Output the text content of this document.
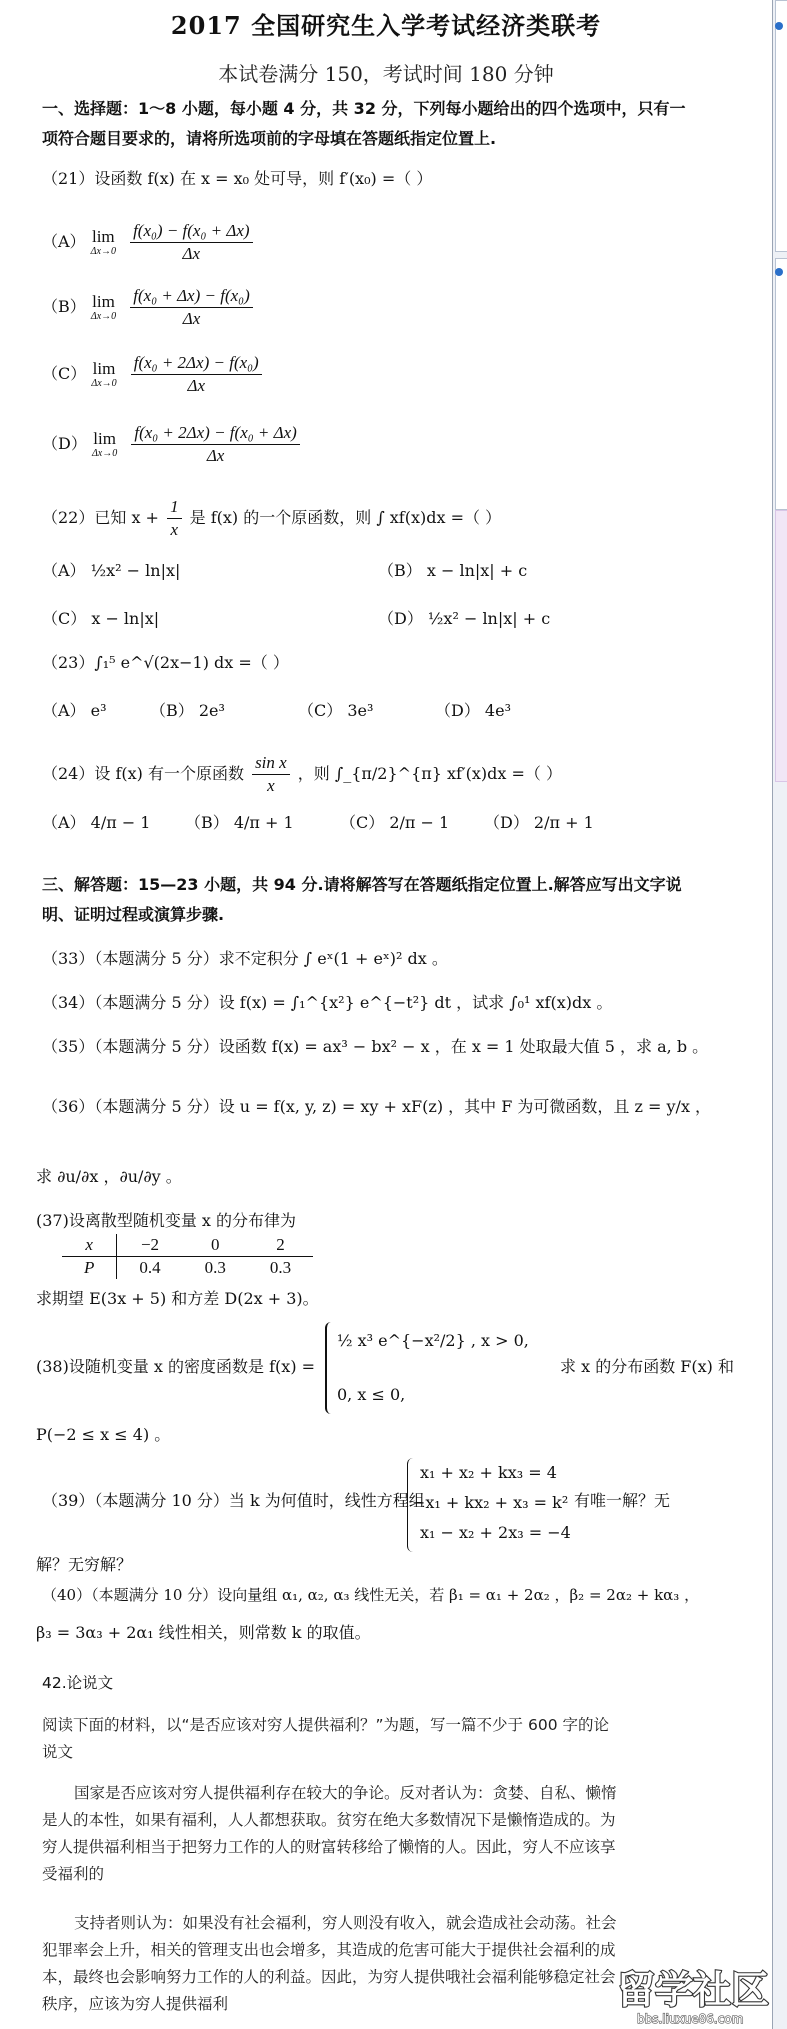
2017 全国研究生入学考试经济类联考
本试卷满分 150，考试时间 180 分钟
一、选择题：1～8 小题，每小题 4 分，共 32 分，下列每小题给出的四个选项中，只有一
项符合题目要求的，请将所选项前的字母填在答题纸指定位置上.
（21）设函数 f(x) 在 x = x₀ 处可导，则 f′(x₀) =（ ）
（A） lim
Δx→0
$\frac{\text{f(x₀) − f(x₀ + Δx)}}{\Delta x}$
（B） lim
Δx→0
$\frac{\text{f(x₀ + Δx) − f(x₀)}}{\Delta x}$
（C） lim
Δx→0
$\frac{\text{f(x₀ + 2Δx) − f(x₀)}}{\Delta x}$
（D） lim
Δx→0
$\frac{\text{f(x₀ + 2Δx) − f(x₀ + Δx)}}{\Delta x}$
（22）已知 $x + \frac{1}{x}$ 是 f(x) 的一个原函数，则 ∫ xf(x)dx =（ ）
（A） ½x² − ln|x|	（B） x − ln|x| + c
（C） x − ln|x|	（D） ½x² − ln|x| + c
（23）∫₁⁵ e^√(2x−1) dx =（ ）
（A） e³	（B） 2e³	（C） 3e³	（D） 4e³
（24）设 f(x) 有一个原函数 $\frac{\text{sin x}}{x}$ ，则 ∫_{π/2}^{π} xf′(x)dx =（ ）
（A） 4/π − 1 （B） 4/π + 1	（C） 2/π − 1 （D） 2/π + 1
三、解答题：15—23 小题，共 94 分.请将解答写在答题纸指定位置上.解答应写出文字说
明、证明过程或演算步骤.
（33）（本题满分 5 分）求不定积分 ∫ eˣ(1 + eˣ)² dx 。
（34）（本题满分 5 分）设 f(x) = ∫₁^{x²} e^{−t²} dt ，试求 ∫₀¹ xf(x)dx 。
（35）（本题满分 5 分）设函数 f(x) = ax³ − bx² − x ，在 x = 1 处取最大值 5 ，求 a, b 。
（36）（本题满分 5 分）设 u = f(x, y, z) = xy + xF(z) ，其中 F 为可微函数，且 z = y/x ，
求 ∂u/∂x ，∂u/∂y 。
(37)设离散型随机变量 x 的分布律为
x	−2	0	2
P	0.4	0.3	0.3
求期望 E(3x + 5) 和方差 D(2x + 3)。
(38)设随机变量 x 的密度函数是 f(x) =
½ x³ e^{−x²/2} , x > 0,
0, x ≤ 0,
求 x 的分布函数 F(x) 和
P(−2 ≤ x ≤ 4) 。
（39）（本题满分 10 分）当 k 为何值时，线性方程组
x₁ + x₂ + kx₃ = 4
−x₁ + kx₂ + x₃ = k²
x₁ − x₂ + 2x₃ = −4
有唯一解？无
解？无穷解？
（40）（本题满分 10 分）设向量组 α₁, α₂, α₃ 线性无关，若 β₁ = α₁ + 2α₂ ，β₂ = 2α₂ + kα₃ ，
β₃ = 3α₃ + 2α₁ 线性相关，则常数 k 的取值。
42.论说文
阅读下面的材料，以“是否应该对穷人提供福利？”为题，写一篇不少于 600 字的论
说文
国家是否应该对穷人提供福利存在较大的争论。反对者认为：贪婪、自私、懒惰
是人的本性，如果有福利，人人都想获取。贫穷在绝大多数情况下是懒惰造成的。为
穷人提供福利相当于把努力工作的人的财富转移给了懒惰的人。因此，穷人不应该享
受福利的
支持者则认为：如果没有社会福利，穷人则没有收入，就会造成社会动荡。社会
犯罪率会上升，相关的管理支出也会增多，其造成的危害可能大于提供社会福利的成
本，最终也会影响努力工作的人的利益。因此，为穷人提供哦社会福利能够稳定社会
秩序，应该为穷人提供福利	留学社区
bbs.liuxue86.com
